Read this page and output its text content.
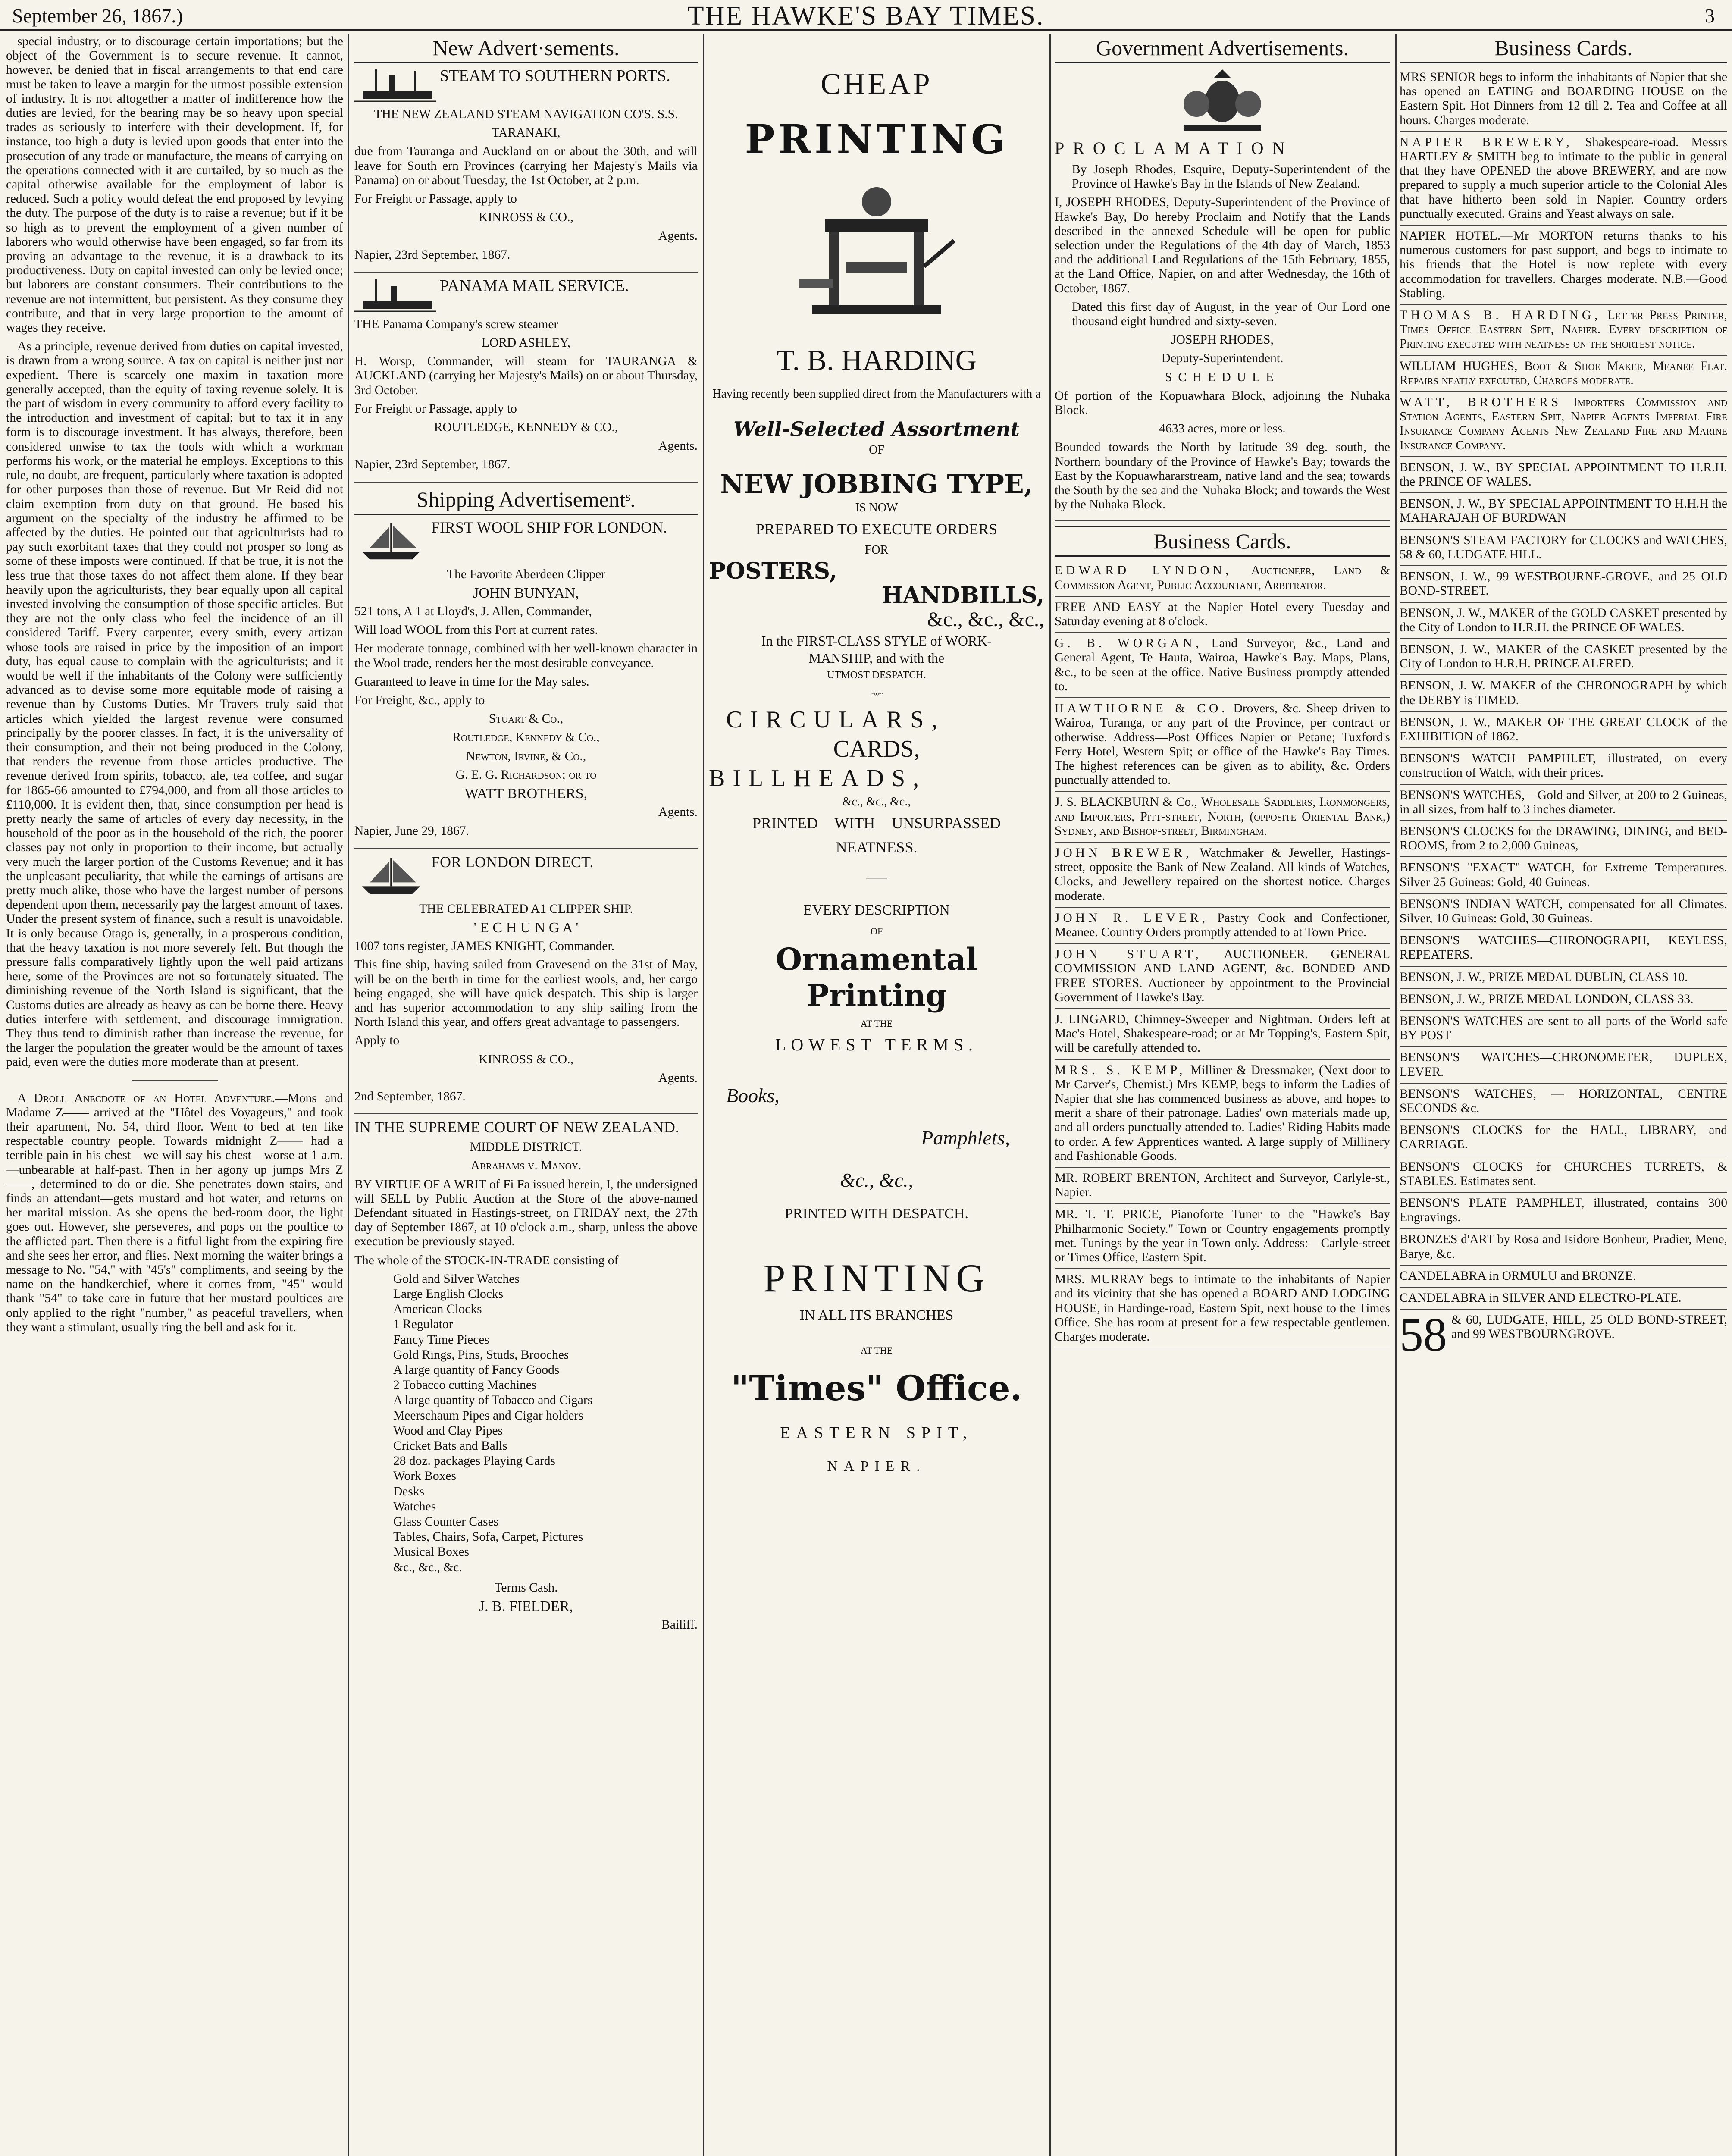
September 26, 1867.)	THE HAWKE'S BAY TIMES.	3

special industry, or to discourage certain importations; but the object of the Government is to secure revenue. It cannot, however, be denied that in fiscal arrangements to that end care must be taken to leave a margin for the utmost possible extension of industry. It is not altogether a matter of indifference how the duties are levied, for the bearing may be so heavy upon special trades as seriously to interfere with their development. If, for instance, too high a duty is levied upon goods that enter into the prosecution of any trade or manufacture, the means of carrying on the operations connected with it are curtailed, by so much as the capital otherwise available for the employment of labor is reduced. Such a policy would defeat the end proposed by levying the duty. The purpose of the duty is to raise a revenue; but if it be so high as to prevent the employment of a given number of laborers who would otherwise have been engaged, so far from its proving an advantage to the revenue, it is a drawback to its productiveness. Duty on capital invested can only be levied once; but laborers are constant consumers. Their contributions to the revenue are not intermittent, but persistent. As they consume they contribute, and that in very large proportion to the amount of wages they receive.

As a principle, revenue derived from duties on capital invested, is drawn from a wrong source. A tax on capital is neither just nor expedient. There is scarcely one maxim in taxation more generally accepted, than the equity of taxing revenue solely. It is the part of wisdom in every community to afford every facility to the introduction and investment of capital; but to tax it in any form is to discourage investment. It has always, therefore, been considered unwise to tax the tools with which a workman performs his work, or the material he employs. Exceptions to this rule, no doubt, are frequent, particularly where taxation is adopted for other purposes than those of revenue. But Mr Reid did not claim exemption from duty on that ground. He based his argument on the specialty of the industry he affirmed to be affected by the duties. He pointed out that agriculturists had to pay such exorbitant taxes that they could not prosper so long as some of these imposts were continued. If that be true, it is not the less true that those taxes do not affect them alone. If they bear heavily upon the agriculturists, they bear equally upon all capital invested involving the consumption of those specific articles. But they are not the only class who feel the incidence of an ill considered Tariff. Every carpenter, every smith, every artizan whose tools are raised in price by the imposition of an import duty, has equal cause to complain with the agriculturists; and it would be well if the inhabitants of the Colony were sufficiently advanced as to devise some more equitable mode of raising a revenue than by Customs Duties. Mr Travers truly said that articles which yielded the largest revenue were consumed principally by the poorer classes. In fact, it is the universality of their consumption, and their not being produced in the Colony, that renders the revenue from those articles productive. The revenue derived from spirits, tobacco, ale, tea coffee, and sugar for 1865-66 amounted to £794,000, and from all those articles to £110,000. It is evident then, that, since consumption per head is pretty nearly the same of articles of every day necessity, in the household of the poor as in the household of the rich, the poorer classes pay not only in proportion to their income, but actually very much the larger portion of the Customs Revenue; and it has the unpleasant peculiarity, that while the earnings of artisans are pretty much alike, those who have the largest number of persons dependent upon them, necessarily pay the largest amount of taxes. Under the present system of finance, such a result is unavoidable. It is only because Otago is, generally, in a prosperous condition, that the heavy taxation is not more severely felt. But though the pressure falls comparatively lightly upon the well paid artizans here, some of the Provinces are not so fortunately situated. The diminishing revenue of the North Island is significant, that the Customs duties are already as heavy as can be borne there. Heavy duties interfere with settlement, and discourage immigration. They thus tend to diminish rather than increase the revenue, for the larger the population the greater would be the amount of taxes paid, even were the duties more moderate than at present.

A Droll Anecdote of an Hotel Adventure.—Mons and Madame Z—— arrived at the "Hôtel des Voyageurs," and took their apartment, No. 54, third floor. Went to bed at ten like respectable country people. Towards midnight Z—— had a terrible pain in his chest—we will say his chest—worse at 1 a.m.—unbearable at half-past. Then in her agony up jumps Mrs Z——, determined to do or die. She penetrates down stairs, and finds an attendant—gets mustard and hot water, and returns on her marital mission. As she opens the bed-room door, the light goes out. However, she perseveres, and pops on the poultice to the afflicted part. Then there is a fitful light from the expiring fire and she sees her error, and flies. Next morning the waiter brings a message to No. "54," with "45's" compliments, and seeing by the name on the handkerchief, where it comes from, "45" would thank "54" to take care in future that her mustard poultices are only applied to the right "number," as peaceful travellers, when they want a stimulant, usually ring the bell and ask for it.

New Advert·sements.

STEAM TO SOUTHERN PORTS.

THE NEW ZEALAND STEAM NAVIGATION CO'S. S.S.

TARANAKI,

due from Tauranga and Auckland on or about the 30th, and will leave for South ern Provinces (carrying her Majesty's Mails via Panama) on or about Tuesday, the 1st October, at 2 p.m.

For Freight or Passage, apply to

KINROSS & CO.,

Agents.

Napier, 23rd September, 1867.

PANAMA MAIL SERVICE.

THE Panama Company's screw steamer

LORD ASHLEY,

H. Worsp, Commander, will steam for TAURANGA & AUCKLAND (carrying her Majesty's Mails) on or about Thursday, 3rd October.

For Freight or Passage, apply to

ROUTLEDGE, KENNEDY & CO.,

Agents.

Napier, 23rd September, 1867.

Shipping Advertisementˢ.

FIRST WOOL SHIP FOR LONDON.

The Favorite Aberdeen Clipper

JOHN BUNYAN,

521 tons, A 1 at Lloyd's, J. Allen, Commander,

Will load WOOL from this Port at current rates.

Her moderate tonnage, combined with her well-known character in the Wool trade, renders her the most desirable conveyance.

Guaranteed to leave in time for the May sales.

For Freight, &c., apply to

Stuart & Co.,

Routledge, Kennedy & Co.,

Newton, Irvine, & Co.,

G. E. G. Richardson; or to

WATT BROTHERS,

Agents.

Napier, June 29, 1867.

FOR LONDON DIRECT.

THE CELEBRATED A1 CLIPPER SHIP.

' E C H U N G A '

1007 tons register, JAMES KNIGHT, Commander.

This fine ship, having sailed from Gravesend on the 31st of May, will be on the berth in time for the earliest wools, and, her cargo being engaged, she will have quick despatch. This ship is larger and has superior accommodation to any ship sailing from the North Island this year, and offers great advantage to passengers.

Apply to

KINROSS & CO.,

Agents.

2nd September, 1867.

IN THE SUPREME COURT OF NEW ZEALAND.

MIDDLE DISTRICT.

Abrahams v. Manoy.

BY VIRTUE OF A WRIT of Fi Fa issued herein, I, the undersigned will SELL by Public Auction at the Store of the above-named Defendant situated in Hastings-street, on FRIDAY next, the 27th day of September 1867, at 10 o'clock a.m., sharp, unless the above execution be previously stayed.

The whole of the STOCK-IN-TRADE consisting of

Gold and Silver Watches

Large English Clocks

American Clocks

1 Regulator

Fancy Time Pieces

Gold Rings, Pins, Studs, Brooches

A large quantity of Fancy Goods

2 Tobacco cutting Machines

A large quantity of Tobacco and Cigars

Meerschaum Pipes and Cigar holders

Wood and Clay Pipes

Cricket Bats and Balls

28 doz. packages Playing Cards

Work Boxes

Desks

Watches

Glass Counter Cases

Tables, Chairs, Sofa, Carpet, Pictures

Musical Boxes

&c., &c., &c.

Terms Cash.

J. B. FIELDER,

Bailiff.

CHEAP
PRINTING
T. B. HARDING
Having recently been supplied direct from the Manufacturers with a
Well-Selected Assortment
OF
NEW JOBBING TYPE,
IS NOW
PREPARED TO EXECUTE ORDERS
FOR
POSTERS,
HANDBILLS,
&c., &c., &c.,
In the FIRST-CLASS STYLE of WORK-
MANSHIP, and with the
UTMOST DESPATCH.
~∞~
CIRCULARS,
CARDS,
BILLHEADS,
&c., &c., &c.,
PRINTED WITH UNSURPASSED
NEATNESS.
———
EVERY DESCRIPTION
OF
Ornamental Printing
AT THE
LOWEST TERMS.
Books,
Pamphlets,
&c., &c.,
PRINTED WITH DESPATCH.
PRINTING
IN ALL ITS BRANCHES
AT THE
"Times" Office.
EASTERN SPIT,
NAPIER.
Government Advertisements.
PROCLAMATION

By Joseph Rhodes, Esquire, Deputy-Superintendent of the Province of Hawke's Bay in the Islands of New Zealand.

I, JOSEPH RHODES, Deputy-Superintendent of the Province of Hawke's Bay, Do hereby Proclaim and Notify that the Lands described in the annexed Schedule will be open for public selection under the Regulations of the 4th day of March, 1853 and the additional Land Regulations of the 15th February, 1855, at the Land Office, Napier, on and after Wednesday, the 16th of October, 1867.

Dated this first day of August, in the year of Our Lord one thousand eight hundred and sixty-seven.

JOSEPH RHODES,

Deputy-Superintendent.

SCHEDULE

Of portion of the Kopuawhara Block, adjoining the Nuhaka Block.

4633 acres, more or less.

Bounded towards the North by latitude 39 deg. south, the Northern boundary of the Province of Hawke's Bay; towards the East by the Kopuawhararstream, native land and the sea; towards the South by the sea and the Nuhaka Block; and towards the West by the Nuhaka Block.

Business Cards.

EDWARD LYNDON, Auctioneer, Land & Commission Agent, Public Accountant, Arbitrator.

FREE AND EASY at the Napier Hotel every Tuesday and Saturday evening at 8 o'clock.

G. B. WORGAN, Land Surveyor, &c., Land and General Agent, Te Hauta, Wairoa, Hawke's Bay. Maps, Plans, &c., to be seen at the office. Native Business promptly attended to.

HAWTHORNE & CO. Drovers, &c. Sheep driven to Wairoa, Turanga, or any part of the Province, per contract or otherwise. Address—Post Offices Napier or Petane; Tuxford's Ferry Hotel, Western Spit; or office of the Hawke's Bay Times. The highest references can be given as to ability, &c. Orders punctually attended to.

J. S. BLACKBURN & Co., Wholesale Saddlers, Ironmongers, and Importers, Pitt-street, North, (opposite Oriental Bank,) Sydney, and Bishop-street, Birmingham.

JOHN BREWER, Watchmaker & Jeweller, Hastings-street, opposite the Bank of New Zealand. All kinds of Watches, Clocks, and Jewellery repaired on the shortest notice. Charges moderate.

JOHN R. LEVER, Pastry Cook and Confectioner, Meanee. Country Orders promptly attended to at Town Price.

JOHN STUART, AUCTIONEER. GENERAL COMMISSION AND LAND AGENT, &c. BONDED AND FREE STORES. Auctioneer by appointment to the Provincial Government of Hawke's Bay.

J. LINGARD, Chimney-Sweeper and Nightman. Orders left at Mac's Hotel, Shakespeare-road; or at Mr Topping's, Eastern Spit, will be carefully attended to.

MRS. S. KEMP, Milliner & Dressmaker, (Next door to Mr Carver's, Chemist.) Mrs KEMP, begs to inform the Ladies of Napier that she has commenced business as above, and hopes to merit a share of their patronage. Ladies' own materials made up, and all orders punctually attended to. Ladies' Riding Habits made to order. A few Apprentices wanted. A large supply of Millinery and Fashionable Goods.

MR. ROBERT BRENTON, Architect and Surveyor, Carlyle-st., Napier.

MR. T. T. PRICE, Pianoforte Tuner to the "Hawke's Bay Philharmonic Society." Town or Country engagements promptly met. Tunings by the year in Town only. Address:—Carlyle-street or Times Office, Eastern Spit.

MRS. MURRAY begs to intimate to the inhabitants of Napier and its vicinity that she has opened a BOARD AND LODGING HOUSE, in Hardinge-road, Eastern Spit, next house to the Times Office. She has room at present for a few respectable gentlemen. Charges moderate.

Business Cards.

MRS SENIOR begs to inform the inhabitants of Napier that she has opened an EATING and BOARDING HOUSE on the Eastern Spit. Hot Dinners from 12 till 2. Tea and Coffee at all hours. Charges moderate.

NAPIER BREWERY, Shakespeare-road. Messrs HARTLEY & SMITH beg to intimate to the public in general that they have OPENED the above BREWERY, and are now prepared to supply a much superior article to the Colonial Ales that have hitherto been sold in Napier. Country orders punctually executed. Grains and Yeast always on sale.

NAPIER HOTEL.—Mr MORTON returns thanks to his numerous customers for past support, and begs to intimate to his friends that the Hotel is now replete with every accommodation for travellers. Charges moderate. N.B.—Good Stabling.

THOMAS B. HARDING, Letter Press Printer, Times Office Eastern Spit, Napier. Every description of Printing executed with neatness on the shortest notice.

WILLIAM HUGHES, Boot & Shoe Maker, Meanee Flat. Repairs neatly executed, Charges moderate.

WATT, BROTHERS Importers Commission and Station Agents, Eastern Spit, Napier Agents Imperial Fire Insurance Company Agents New Zealand Fire and Marine Insurance Company.

BENSON, J. W., BY SPECIAL APPOINTMENT TO H.R.H. the PRINCE OF WALES.

BENSON, J. W., BY SPECIAL APPOINTMENT TO H.H.H the MAHARAJAH OF BURDWAN

BENSON'S STEAM FACTORY for CLOCKS and WATCHES, 58 & 60, LUDGATE HILL.

BENSON, J. W., 99 WESTBOURNE-GROVE, and 25 OLD BOND-STREET.

BENSON, J. W., MAKER of the GOLD CASKET presented by the City of London to H.R.H. the PRINCE OF WALES.

BENSON, J. W., MAKER of the CASKET presented by the City of London to H.R.H. PRINCE ALFRED.

BENSON, J. W. MAKER of the CHRONOGRAPH by which the DERBY is TIMED.

BENSON, J. W., MAKER OF THE GREAT CLOCK of the EXHIBITION of 1862.

BENSON'S WATCH PAMPHLET, illustrated, on every construction of Watch, with their prices.

BENSON'S WATCHES,—Gold and Silver, at 200 to 2 Guineas, in all sizes, from half to 3 inches diameter.

BENSON'S CLOCKS for the DRAWING, DINING, and BED-ROOMS, from 2 to 2,000 Guineas,

BENSON'S "EXACT" WATCH, for Extreme Temperatures. Silver 25 Guineas: Gold, 40 Guineas.

BENSON'S INDIAN WATCH, compensated for all Climates. Silver, 10 Guineas: Gold, 30 Guineas.

BENSON'S WATCHES—CHRONOGRAPH, KEYLESS, REPEATERS.

BENSON, J. W., PRIZE MEDAL DUBLIN, CLASS 10.

BENSON, J. W., PRIZE MEDAL LONDON, CLASS 33.

BENSON'S WATCHES are sent to all parts of the World safe BY POST

BENSON'S WATCHES—CHRONOMETER, DUPLEX, LEVER.

BENSON'S WATCHES, — HORIZONTAL, CENTRE SECONDS &c.

BENSON'S CLOCKS for the HALL, LIBRARY, and CARRIAGE.

BENSON'S CLOCKS for CHURCHES TURRETS, & STABLES. Estimates sent.

BENSON'S PLATE PAMPHLET, illustrated, contains 300 Engravings.

BRONZES d'ART by Rosa and Isidore Bonheur, Pradier, Mene, Barye, &c.

CANDELABRA in ORMULU and BRONZE.

CANDELABRA in SILVER AND ELECTRO-PLATE.

58 & 60, LUDGATE, HILL, 25 OLD BOND-STREET, and 99 WESTBOURNGROVE.
